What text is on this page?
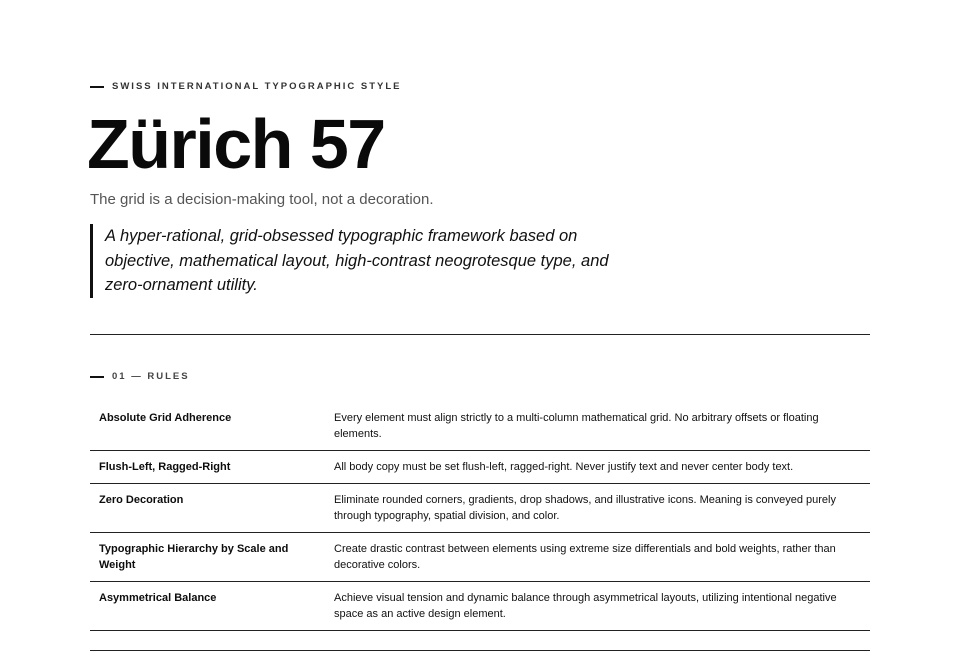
SWISS INTERNATIONAL TYPOGRAPHIC STYLE
Zürich 57

The grid is a decision-making tool, not a decoration.

A hyper-rational, grid-obsessed typographic framework based on objective, mathematical layout, high-contrast neogrotesque type, and zero-ornament utility.
01 — RULES
Absolute Grid Adherence	Every element must align strictly to a multi-column mathematical grid. No arbitrary offsets or floating elements.
Flush-Left, Ragged-Right	All body copy must be set flush-left, ragged-right. Never justify text and never center body text.
Zero Decoration	Eliminate rounded corners, gradients, drop shadows, and illustrative icons. Meaning is conveyed purely through typography, spatial division, and color.
Typographic Hierarchy by Scale and Weight	Create drastic contrast between elements using extreme size differentials and bold weights, rather than decorative colors.
Asymmetrical Balance	Achieve visual tension and dynamic balance through asymmetrical layouts, utilizing intentional negative space as an active design element.
